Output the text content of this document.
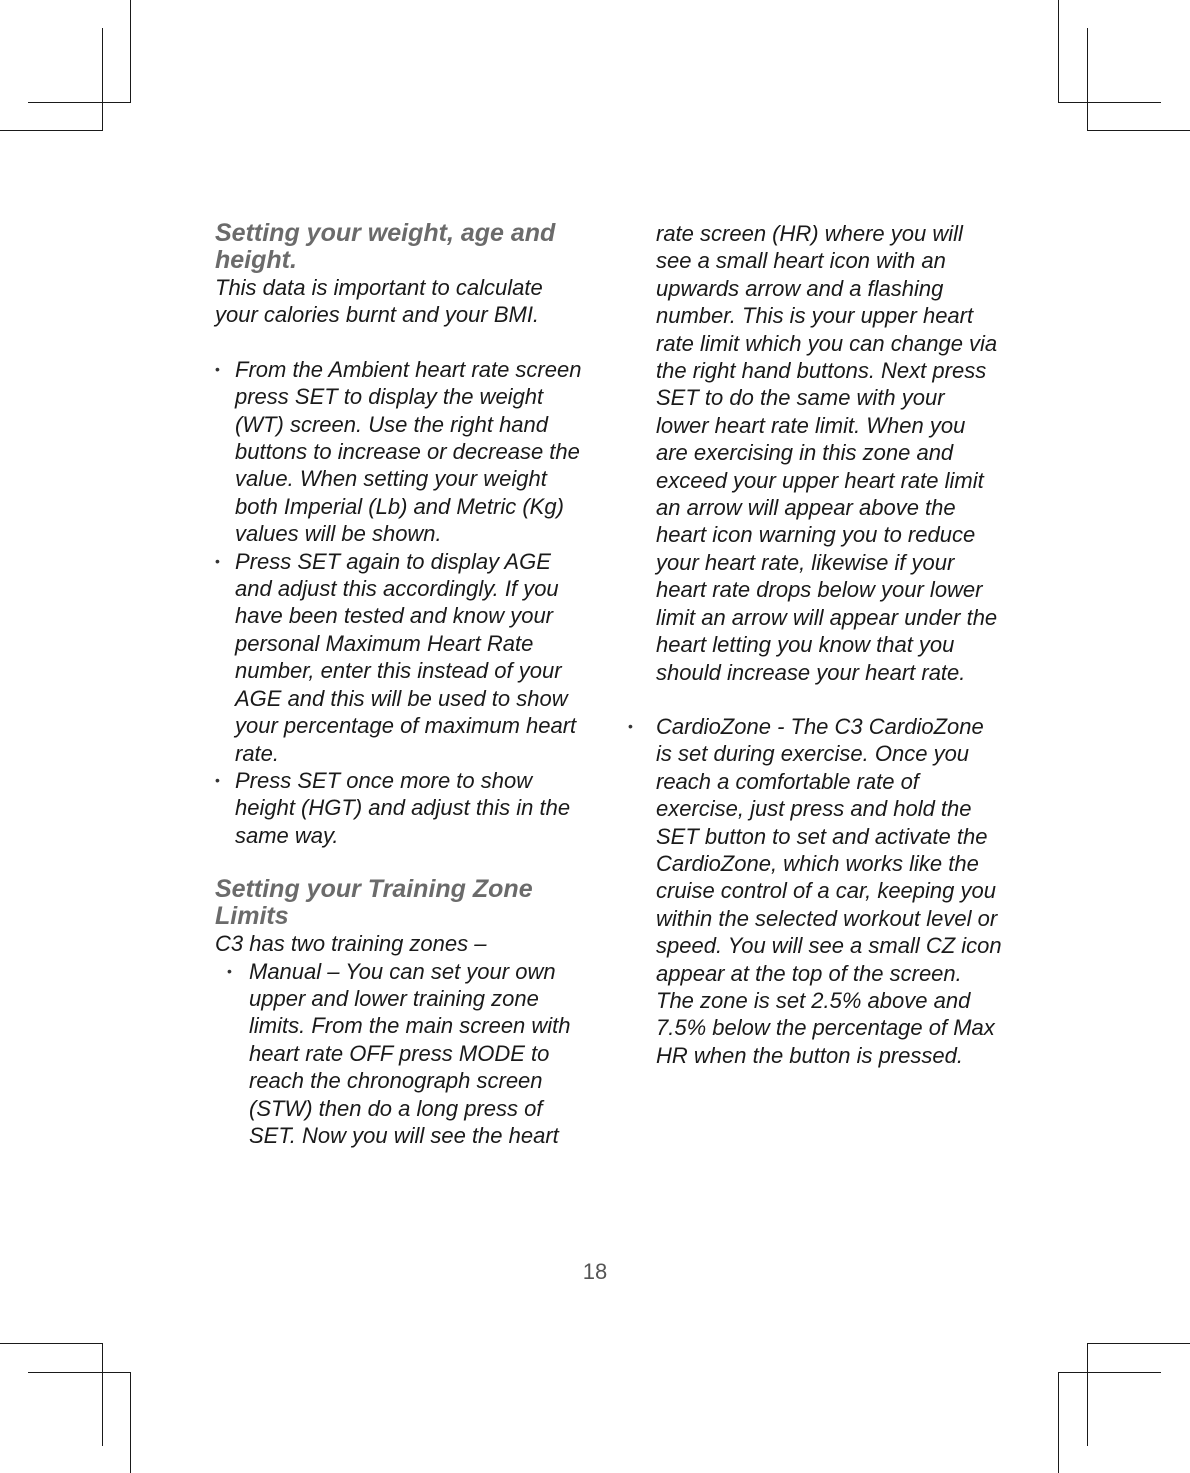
Setting your weight, age and height.

This data is important to calculate your calories burnt and your BMI.

• From the Ambient heart rate screen press SET to display the weight (WT) screen. Use the right hand buttons to increase or decrease the value. When setting your weight both Imperial (Lb) and Metric (Kg) values will be shown.
• Press SET again to display AGE and adjust this accordingly. If you have been tested and know your personal Maximum Heart Rate number, enter this instead of your AGE and this will be used to show your percentage of maximum heart rate.
• Press SET once more to show height (HGT) and adjust this in the same way.
Setting your Training Zone Limits

C3 has two training zones –

• Manual – You can set your own upper and lower training zone limits. From the main screen with heart rate OFF press MODE to reach the chronograph screen (STW) then do a long press of SET. Now you will see the heart

rate screen (HR) where you will see a small heart icon with an upwards arrow and a flashing number. This is your upper heart rate limit which you can change via the right hand buttons. Next press SET to do the same with your lower heart rate limit. When you are exercising in this zone and exceed your upper heart rate limit an arrow will appear above the heart icon warning you to reduce your heart rate, likewise if your heart rate drops below your lower limit an arrow will appear under the heart letting you know that you should increase your heart rate.

• CardioZone - The C3 CardioZone is set during exercise. Once you reach a comfortable rate of exercise, just press and hold the SET button to set and activate the CardioZone, which works like the cruise control of a car, keeping you within the selected workout level or speed. You will see a small CZ icon appear at the top of the screen. The zone is set 2.5% above and 7.5% below the percentage of Max HR when the button is pressed.
18
